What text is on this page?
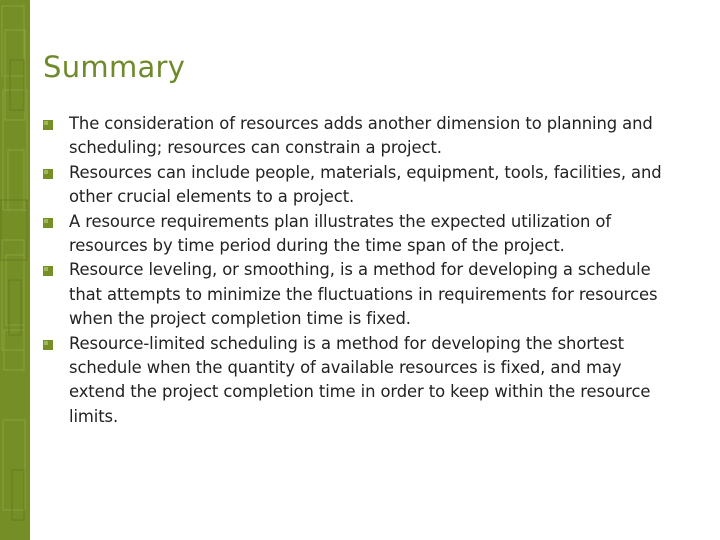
Summary
The consideration of resources adds another dimension to planning and scheduling; resources can constrain a project.
Resources can include people, materials, equipment, tools, facilities, and other crucial elements to a project.
A resource requirements plan illustrates the expected utilization of resources by time period during the time span of the project.
Resource leveling, or smoothing, is a method for developing a schedule that attempts to minimize the fluctuations in requirements for resources when the project completion time is fixed.
Resource-limited scheduling is a method for developing the shortest schedule when the quantity of available resources is fixed, and may extend the project completion time in order to keep within the resource limits.
